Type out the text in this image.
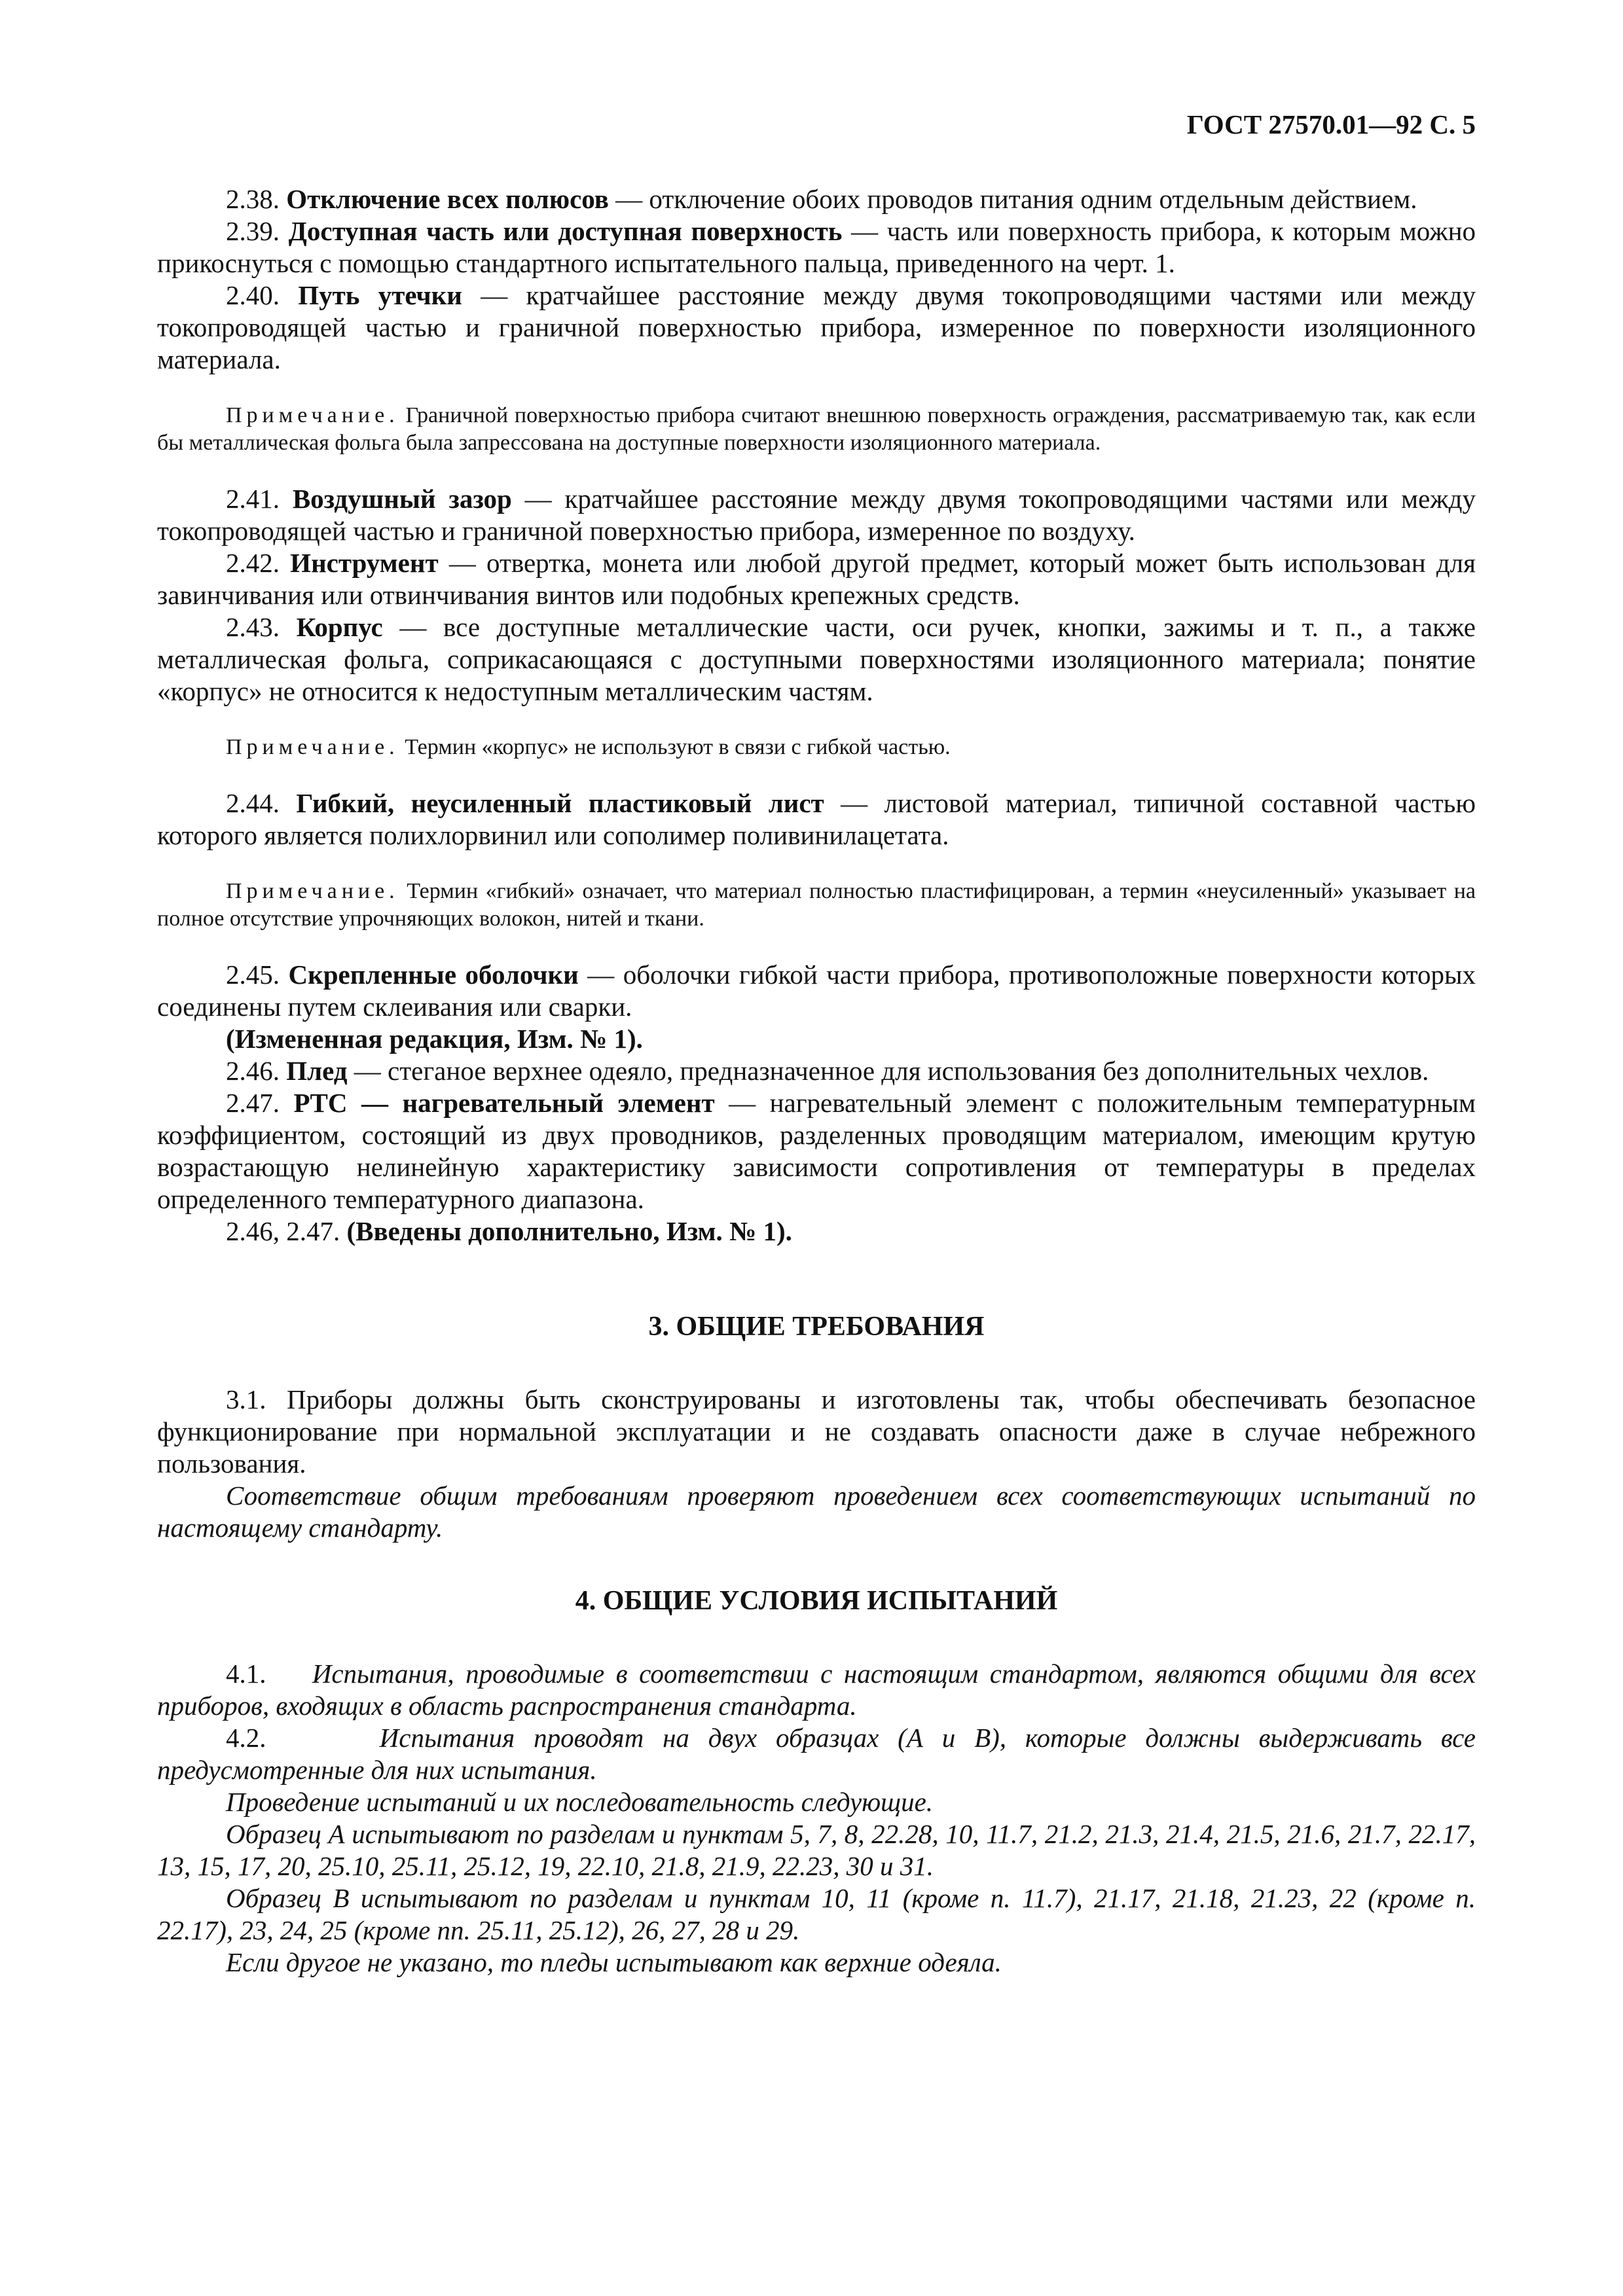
ГОСТ 27570.01—92 С. 5

2.38. Отключение всех полюсов — отключение обоих проводов питания одним отдельным действием.

2.39. Доступная часть или доступная поверхность — часть или поверхность прибора, к которым можно прикоснуться с помощью стандартного испытательного пальца, приведенного на черт. 1.

2.40. Путь утечки — кратчайшее расстояние между двумя токопроводящими частями или между токопроводящей частью и граничной поверхностью прибора, измеренное по поверхности изоляционного материала.

Примечание. Граничной поверхностью прибора считают внешнюю поверхность ограждения, рассматриваемую так, как если бы металлическая фольга была запрессована на доступные поверхности изоляционного материала.

2.41. Воздушный зазор — кратчайшее расстояние между двумя токопроводящими частями или между токопроводящей частью и граничной поверхностью прибора, измеренное по воздуху.

2.42. Инструмент — отвертка, монета или любой другой предмет, который может быть использован для завинчивания или отвинчивания винтов или подобных крепежных средств.

2.43. Корпус — все доступные металлические части, оси ручек, кнопки, зажимы и т. п., а также металлическая фольга, соприкасающаяся с доступными поверхностями изоляционного материала; понятие «корпус» не относится к недоступным металлическим частям.

Примечание. Термин «корпус» не используют в связи с гибкой частью.

2.44. Гибкий, неусиленный пластиковый лист — листовой материал, типичной составной частью которого является полихлорвинил или сополимер поливинилацетата.

Примечание. Термин «гибкий» означает, что материал полностью пластифицирован, а термин «неусиленный» указывает на полное отсутствие упрочняющих волокон, нитей и ткани.

2.45. Скрепленные оболочки — оболочки гибкой части прибора, противоположные поверхности которых соединены путем склеивания или сварки.

(Измененная редакция, Изм. № 1).

2.46. Плед — стеганое верхнее одеяло, предназначенное для использования без дополнительных чехлов.

2.47. PTC — нагревательный элемент — нагревательный элемент с положительным температурным коэффициентом, состоящий из двух проводников, разделенных проводящим материалом, имеющим крутую возрастающую нелинейную характеристику зависимости сопротивления от температуры в пределах определенного температурного диапазона.

2.46, 2.47. (Введены дополнительно, Изм. № 1).

3. ОБЩИЕ ТРЕБОВАНИЯ

3.1. Приборы должны быть сконструированы и изготовлены так, чтобы обеспечивать безопасное функционирование при нормальной эксплуатации и не создавать опасности даже в случае небрежного пользования.

Соответствие общим требованиям проверяют проведением всех соответствующих испытаний по настоящему стандарту.

4. ОБЩИЕ УСЛОВИЯ ИСПЫТАНИЙ

4.1. Испытания, проводимые в соответствии с настоящим стандартом, являются общими для всех приборов, входящих в область распространения стандарта.

4.2.	Испытания проводят на двух образцах (А и В), которые должны выдерживать все предусмотренные для них испытания.

Проведение испытаний и их последовательность следующие.

Образец А испытывают по разделам и пунктам 5, 7, 8, 22.28, 10, 11.7, 21.2, 21.3, 21.4, 21.5, 21.6, 21.7, 22.17, 13, 15, 17, 20, 25.10, 25.11, 25.12, 19, 22.10, 21.8, 21.9, 22.23, 30 и 31.

Образец В испытывают по разделам и пунктам 10, 11 (кроме п. 11.7), 21.17, 21.18, 21.23, 22 (кроме п. 22.17), 23, 24, 25 (кроме пп. 25.11, 25.12), 26, 27, 28 и 29.

Если другое не указано, то пледы испытывают как верхние одеяла.
